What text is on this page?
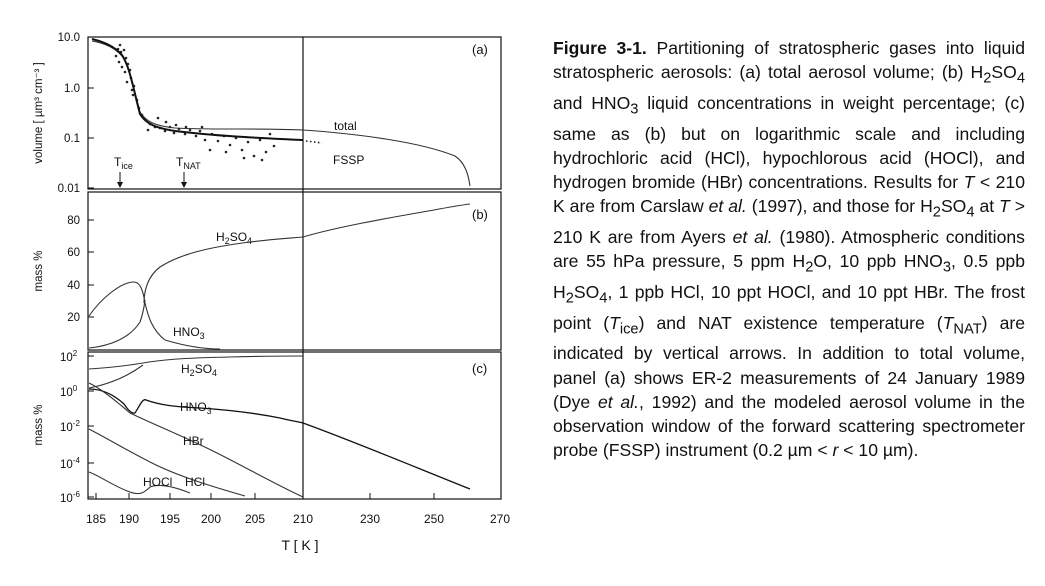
185 190 195 200 205 210	230	250	270
T [ K ]
10.0
1.0
0.1
0.01
80
60
40
20
$10^2$
$10^0$
$10^{-2}$
$10^{-4}$
$10^{-6}$
volume [ µm³ cm⁻³ ]
mass %
mass %
(a)
(b)
(c)
total
FSSP
$T_{ice}$	$T_{NAT}$
$H_2SO_4$
$HNO_3$
$H_2SO_4$
$HNO_3$
HBr
HOCl HCl

Figure 3-1. Partitioning of stratospheric gases into liquid stratospheric aerosols: (a) total aerosol volume; (b) $H_2SO_4$ and $HNO_3$ liquid concentrations in weight percentage; (c) same as (b) but on logarithmic scale and including hydrochloric acid (HCl), hypochlorous acid (HOCl), and hydrogen bromide (HBr) concentrations. Results for T < 210 K are from Carslaw et al. (1997), and those for $H_2SO_4$ at T > 210 K are from Ayers et al. (1980). Atmospheric conditions are 55 hPa pressure, 5 ppm $H_2O$, 10 ppb $HNO_3$, 0.5 ppb $H_2SO_4$, 1 ppb HCl, 10 ppt HOCl, and 10 ppt HBr. The frost point $(T_{ice})$ and NAT existence temperature $(T_{NAT})$ are indicated by vertical arrows. In addition to total volume, panel (a) shows ER-2 measurements of 24 January 1989 (Dye et al., 1992) and the modeled aerosol volume in the observation window of the forward scattering spectrometer probe (FSSP) instrument (0.2 µm < r < 10 µm).
